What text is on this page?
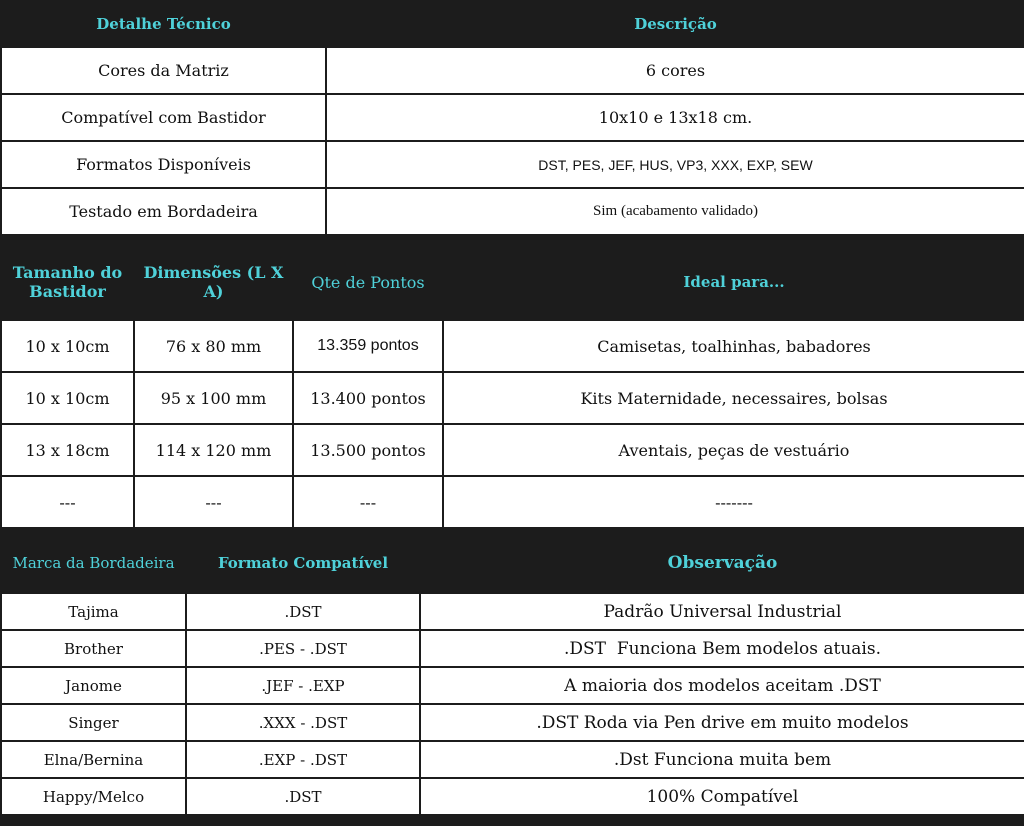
Detalhe Técnico	Descrição
Cores da Matriz	6 cores
Compatível com Bastidor	10x10 e 13x18 cm.
Formatos Disponíveis	DST, PES, JEF, HUS, VP3, XXX, EXP, SEW
Testado em Bordadeira	Sim (acabamento validado)
Tamanho do Bastidor	Dimensões (L X A)	Qte de Pontos	Ideal para...
10 x 10cm	76 x 80 mm	13.359 pontos	Camisetas, toalhinhas, babadores
10 x 10cm	95 x 100 mm	13.400 pontos	Kits Maternidade, necessaires, bolsas
13 x 18cm	114 x 120 mm	13.500 pontos	Aventais, peças de vestuário
---	---	---	-------
Marca da Bordadeira	Formato Compatível	Observação
Tajima	.DST	Padrão Universal Industrial
Brother	.PES - .DST	.DST  Funciona Bem modelos atuais.
Janome	.JEF - .EXP	A maioria dos modelos aceitam .DST
Singer	.XXX - .DST	.DST Roda via Pen drive em muito modelos
Elna/Bernina	.EXP - .DST	.Dst Funciona muita bem
Happy/Melco	.DST	100% Compatível
